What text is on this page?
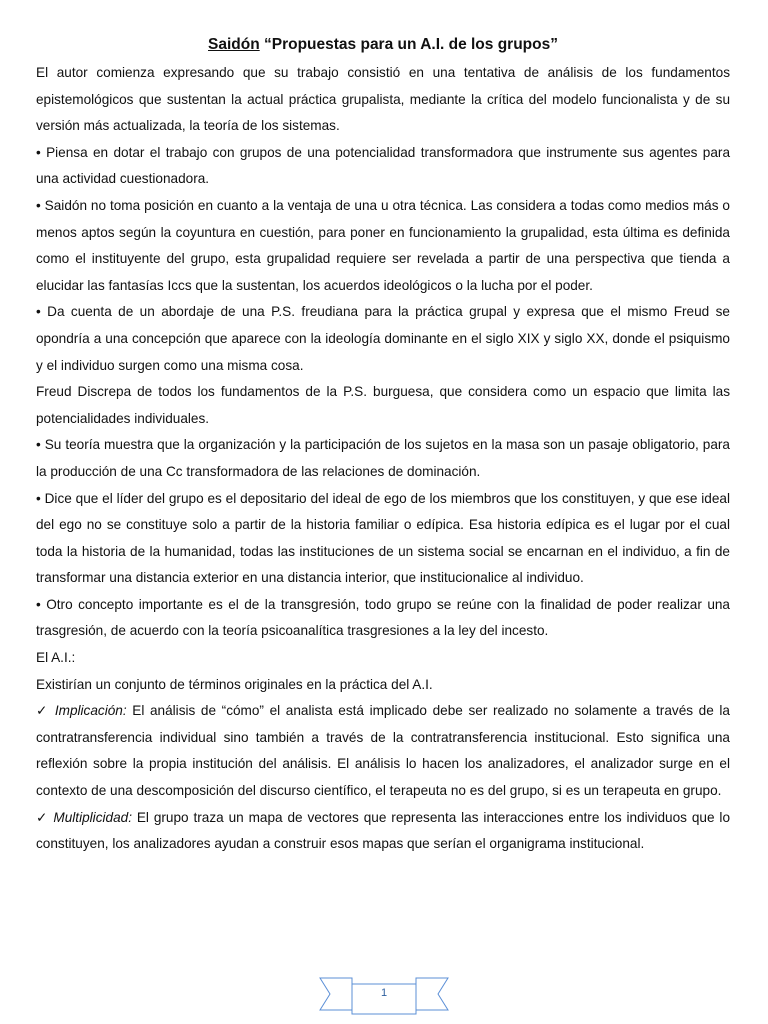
Saidón “Propuestas para un A.I. de los grupos”

El autor comienza expresando que su trabajo consistió en una tentativa de análisis de los fundamentos epistemológicos que sustentan la actual práctica grupalista, mediante la crítica del modelo funcionalista y de su versión más actualizada, la teoría de los sistemas.

• Piensa en dotar el trabajo con grupos de una potencialidad transformadora que instrumente sus agentes para una actividad cuestionadora.

• Saidón no toma posición en cuanto a la ventaja de una u otra técnica. Las considera a todas como medios más o menos aptos según la coyuntura en cuestión, para poner en funcionamiento la grupalidad, esta última es definida como el instituyente del grupo, esta grupalidad requiere ser revelada a partir de una perspectiva que tienda a elucidar las fantasías Iccs que la sustentan, los acuerdos ideológicos o la lucha por el poder.

• Da cuenta de un abordaje de una P.S. freudiana para la práctica grupal y expresa que el mismo Freud se opondría a una concepción que aparece con la ideología dominante en el siglo XIX y siglo XX, donde el psiquismo y el individuo surgen como una misma cosa.

Freud Discrepa de todos los fundamentos de la P.S. burguesa, que considera como un espacio que limita las potencialidades individuales.

• Su teoría muestra que la organización y la participación de los sujetos en la masa son un pasaje obligatorio, para la producción de una Cc transformadora de las relaciones de dominación.

• Dice que el líder del grupo es el depositario del ideal de ego de los miembros que los constituyen, y que ese ideal del ego no se constituye solo a partir de la historia familiar o edípica. Esa historia edípica es el lugar por el cual toda la historia de la humanidad, todas las instituciones de un sistema social se encarnan en el individuo, a fin de transformar una distancia exterior en una distancia interior, que institucionalice al individuo.

• Otro concepto importante es el de la transgresión, todo grupo se reúne con la finalidad de poder realizar una trasgresión, de acuerdo con la teoría psicoanalítica trasgresiones a la ley del incesto.

El A.I.:

Existirían un conjunto de términos originales en la práctica del A.I.

✓ Implicación: El análisis de “cómo” el analista está implicado debe ser realizado no solamente a través de la contratransferencia individual sino también a través de la contratransferencia institucional. Esto significa una reflexión sobre la propia institución del análisis. El análisis lo hacen los analizadores, el analizador surge en el contexto de una descomposición del discurso científico, el terapeuta no es del grupo, si es un terapeuta en grupo.

✓ Multiplicidad: El grupo traza un mapa de vectores que representa las interacciones entre los individuos que lo constituyen, los analizadores ayudan a construir esos mapas que serían el organigrama institucional.

1
